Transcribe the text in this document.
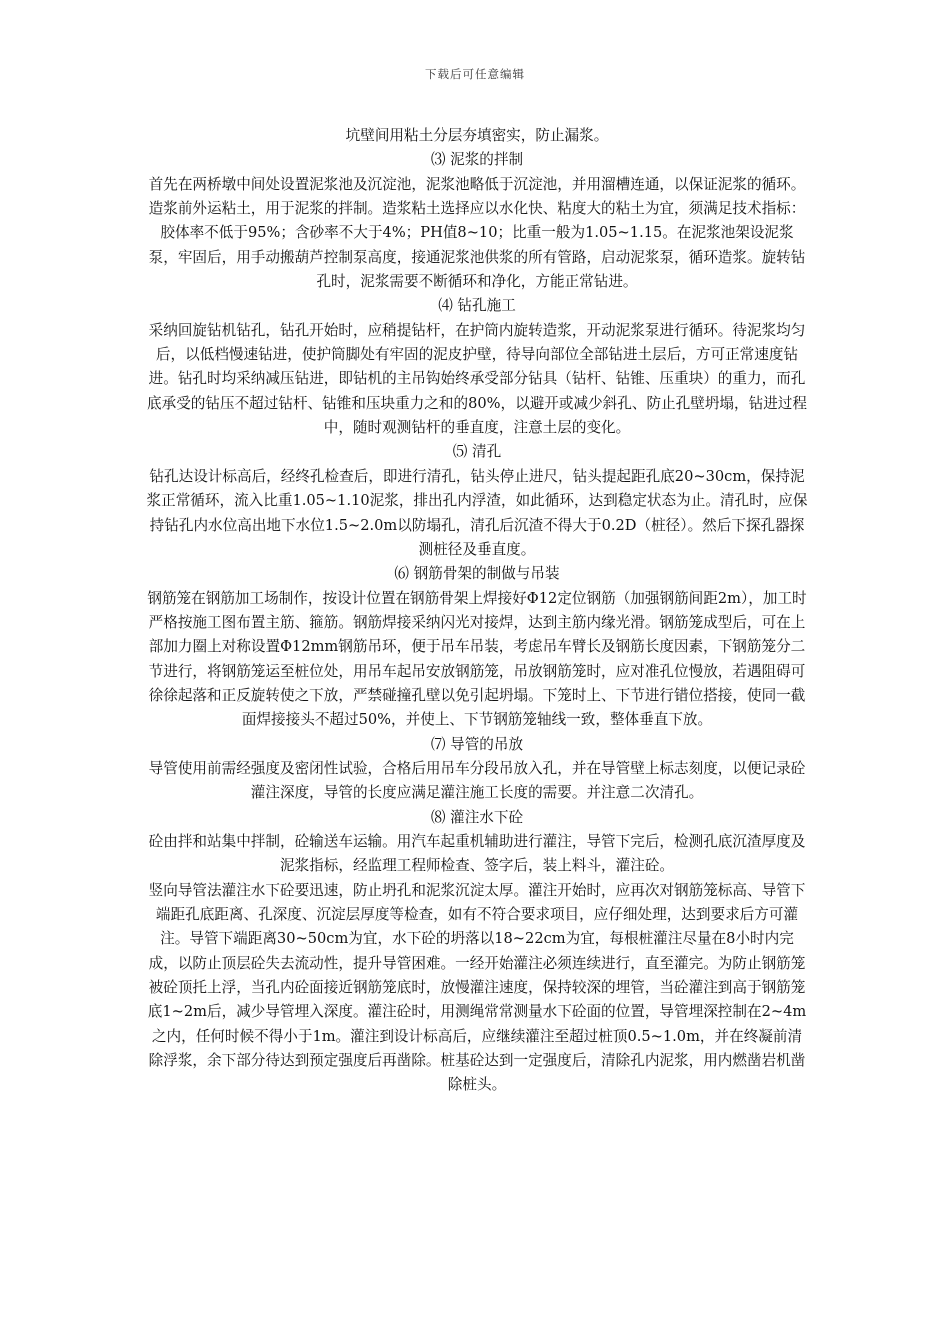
下载后可任意编辑

坑壁间用粘土分层夯填密实，防止漏浆。

⑶ 泥浆的拌制

首先在两桥墩中间处设置泥浆池及沉淀池，泥浆池略低于沉淀池，并用溜槽连通，以保证泥浆的循环。

造浆前外运粘土，用于泥浆的拌制。造浆粘土选择应以水化快、粘度大的粘土为宜，须满足技术指标：胶体率不低于95%；含砂率不大于4%；PH值8~10；比重一般为1.05~1.15。在泥浆池架设泥浆泵，牢固后，用手动搬葫芦控制泵高度，接通泥浆池供浆的所有管路，启动泥浆泵，循环造浆。旋转钻孔时，泥浆需要不断循环和净化，方能正常钻进。

⑷ 钻孔施工

采纳回旋钻机钻孔，钻孔开始时，应稍提钻杆，在护筒内旋转造浆，开动泥浆泵进行循环。待泥浆均匀后，以低档慢速钻进，使护筒脚处有牢固的泥皮护壁，待导向部位全部钻进土层后，方可正常速度钻进。钻孔时均采纳减压钻进，即钻机的主吊钩始终承受部分钻具（钻杆、钻锥、压重块）的重力，而孔底承受的钻压不超过钻杆、钻锥和压块重力之和的80%，以避开或减少斜孔、防止孔壁坍塌，钻进过程中，随时观测钻杆的垂直度，注意土层的变化。

⑸ 清孔

钻孔达设计标高后，经终孔检查后，即进行清孔，钻头停止进尺，钻头提起距孔底20~30cm，保持泥浆正常循环，流入比重1.05~1.10泥浆，排出孔内浮渣，如此循环，达到稳定状态为止。清孔时，应保持钻孔内水位高出地下水位1.5~2.0m以防塌孔，清孔后沉渣不得大于0.2D（桩径）。然后下探孔器探测桩径及垂直度。

⑹ 钢筋骨架的制做与吊装

钢筋笼在钢筋加工场制作，按设计位置在钢筋骨架上焊接好Φ12定位钢筋（加强钢筋间距2m），加工时严格按施工图布置主筋、箍筋。钢筋焊接采纳闪光对接焊，达到主筋内缘光滑。钢筋笼成型后，可在上部加力圈上对称设置Φ12mm钢筋吊环，便于吊车吊装，考虑吊车臂长及钢筋长度因素，下钢筋笼分二节进行，将钢筋笼运至桩位处，用吊车起吊安放钢筋笼，吊放钢筋笼时，应对准孔位慢放，若遇阻碍可徐徐起落和正反旋转使之下放，严禁碰撞孔壁以免引起坍塌。下笼时上、下节进行错位搭接，使同一截面焊接接头不超过50%，并使上、下节钢筋笼轴线一致，整体垂直下放。

⑺ 导管的吊放

导管使用前需经强度及密闭性试验，合格后用吊车分段吊放入孔，并在导管壁上标志刻度，以便记录砼灌注深度，导管的长度应满足灌注施工长度的需要。并注意二次清孔。

⑻ 灌注水下砼

砼由拌和站集中拌制，砼输送车运输。用汽车起重机辅助进行灌注，导管下完后，检测孔底沉渣厚度及泥浆指标，经监理工程师检查、签字后，装上料斗，灌注砼。

竖向导管法灌注水下砼要迅速，防止坍孔和泥浆沉淀太厚。灌注开始时，应再次对钢筋笼标高、导管下端距孔底距离、孔深度、沉淀层厚度等检查，如有不符合要求项目，应仔细处理，达到要求后方可灌注。导管下端距离30~50cm为宜，水下砼的坍落以18~22cm为宜，每根桩灌注尽量在8小时内完成，以防止顶层砼失去流动性，提升导管困难。一经开始灌注必须连续进行，直至灌完。为防止钢筋笼被砼顶托上浮，当孔内砼面接近钢筋笼底时，放慢灌注速度，保持较深的埋管，当砼灌注到高于钢筋笼底1~2m后，减少导管埋入深度。灌注砼时，用测绳常常测量水下砼面的位置，导管埋深控制在2~4m之内，任何时候不得小于1m。灌注到设计标高后，应继续灌注至超过桩顶0.5~1.0m，并在终凝前清除浮浆，余下部分待达到预定强度后再凿除。桩基砼达到一定强度后，清除孔内泥浆，用内燃凿岩机凿除桩头。
